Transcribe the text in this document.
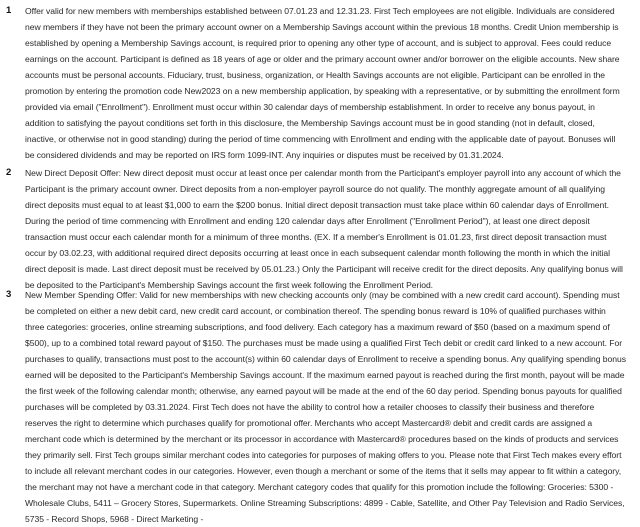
1 Offer valid for new members with memberships established between 07.01.23 and 12.31.23. First Tech employees are not eligible. Individuals are considered new members if they have not been the primary account owner on a Membership Savings account within the previous 18 months. Credit Union membership is established by opening a Membership Savings account, is required prior to opening any other type of account, and is subject to approval. Fees could reduce earnings on the account. Participant is defined as 18 years of age or older and the primary account owner and/or borrower on the eligible accounts. New share accounts must be personal accounts. Fiduciary, trust, business, organization, or Health Savings accounts are not eligible. Participant can be enrolled in the promotion by entering the promotion code New2023 on a new membership application, by speaking with a representative, or by submitting the enrollment form provided via email ("Enrollment"). Enrollment must occur within 30 calendar days of membership establishment. In order to receive any bonus payout, in addition to satisfying the payout conditions set forth in this disclosure, the Membership Savings account must be in good standing (not in default, closed, inactive, or otherwise not in good standing) during the period of time commencing with Enrollment and ending with the applicable date of payout. Bonuses will be considered dividends and may be reported on IRS form 1099-INT. Any inquiries or disputes must be received by 01.31.2024.
2 New Direct Deposit Offer: New direct deposit must occur at least once per calendar month from the Participant's employer payroll into any account of which the Participant is the primary account owner. Direct deposits from a non-employer payroll source do not qualify. The monthly aggregate amount of all qualifying direct deposits must equal to at least $1,000 to earn the $200 bonus. Initial direct deposit transaction must take place within 60 calendar days of Enrollment. During the period of time commencing with Enrollment and ending 120 calendar days after Enrollment ("Enrollment Period"), at least one direct deposit transaction must occur each calendar month for a minimum of three months. (EX. If a member's Enrollment is 01.01.23, first direct deposit transaction must occur by 03.02.23, with additional required direct deposits occurring at least once in each subsequent calendar month following the month in which the initial direct deposit is made. Last direct deposit must be received by 05.01.23.) Only the Participant will receive credit for the direct deposits. Any qualifying bonus will be deposited to the Participant's Membership Savings account the first week following the Enrollment Period.
3 New Member Spending Offer: Valid for new memberships with new checking accounts only (may be combined with a new credit card account). Spending must be completed on either a new debit card, new credit card account, or combination thereof. The spending bonus reward is 10% of qualified purchases within three categories: groceries, online streaming subscriptions, and food delivery. Each category has a maximum reward of $50 (based on a maximum spend of $500), up to a combined total reward payout of $150. The purchases must be made using a qualified First Tech debit or credit card linked to a new account. For purchases to qualify, transactions must post to the account(s) within 60 calendar days of Enrollment to receive a spending bonus. Any qualifying spending bonus earned will be deposited to the Participant's Membership Savings account. If the maximum earned payout is reached during the first month, payout will be made the first week of the following calendar month; otherwise, any earned payout will be made at the end of the 60 day period. Spending bonus payouts for qualified purchases will be completed by 03.31.2024. First Tech does not have the ability to control how a retailer chooses to classify their business and therefore reserves the right to determine which purchases qualify for promotional offer. Merchants who accept Mastercard® debit and credit cards are assigned a merchant code which is determined by the merchant or its processor in accordance with Mastercard® procedures based on the kinds of products and services they primarily sell. First Tech groups similar merchant codes into categories for purposes of making offers to you. Please note that First Tech makes every effort to include all relevant merchant codes in our categories. However, even though a merchant or some of the items that it sells may appear to fit within a category, the merchant may not have a merchant code in that category. Merchant category codes that qualify for this promotion include the following: Groceries: 5300 - Wholesale Clubs, 5411 – Grocery Stores, Supermarkets. Online Streaming Subscriptions: 4899 - Cable, Satellite, and Other Pay Television and Radio Services, 5735 - Record Shops, 5968 - Direct Marketing -
